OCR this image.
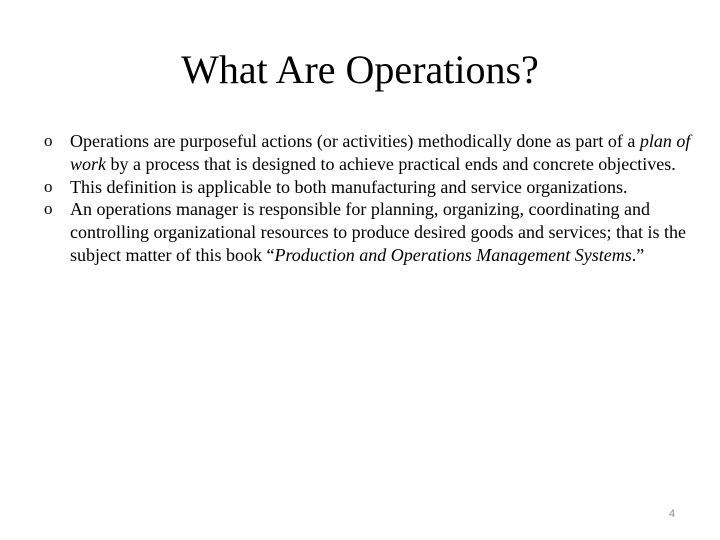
What Are Operations?
o Operations are purposeful actions (or activities) methodically done as part of a plan of work by a process that is designed to achieve practical ends and concrete objectives.
o This definition is applicable to both manufacturing and service organizations.
o An operations manager is responsible for planning, organizing, coordinating and controlling organizational resources to produce desired goods and services; that is the subject matter of this book “Production and Operations Management Systems.”
4
